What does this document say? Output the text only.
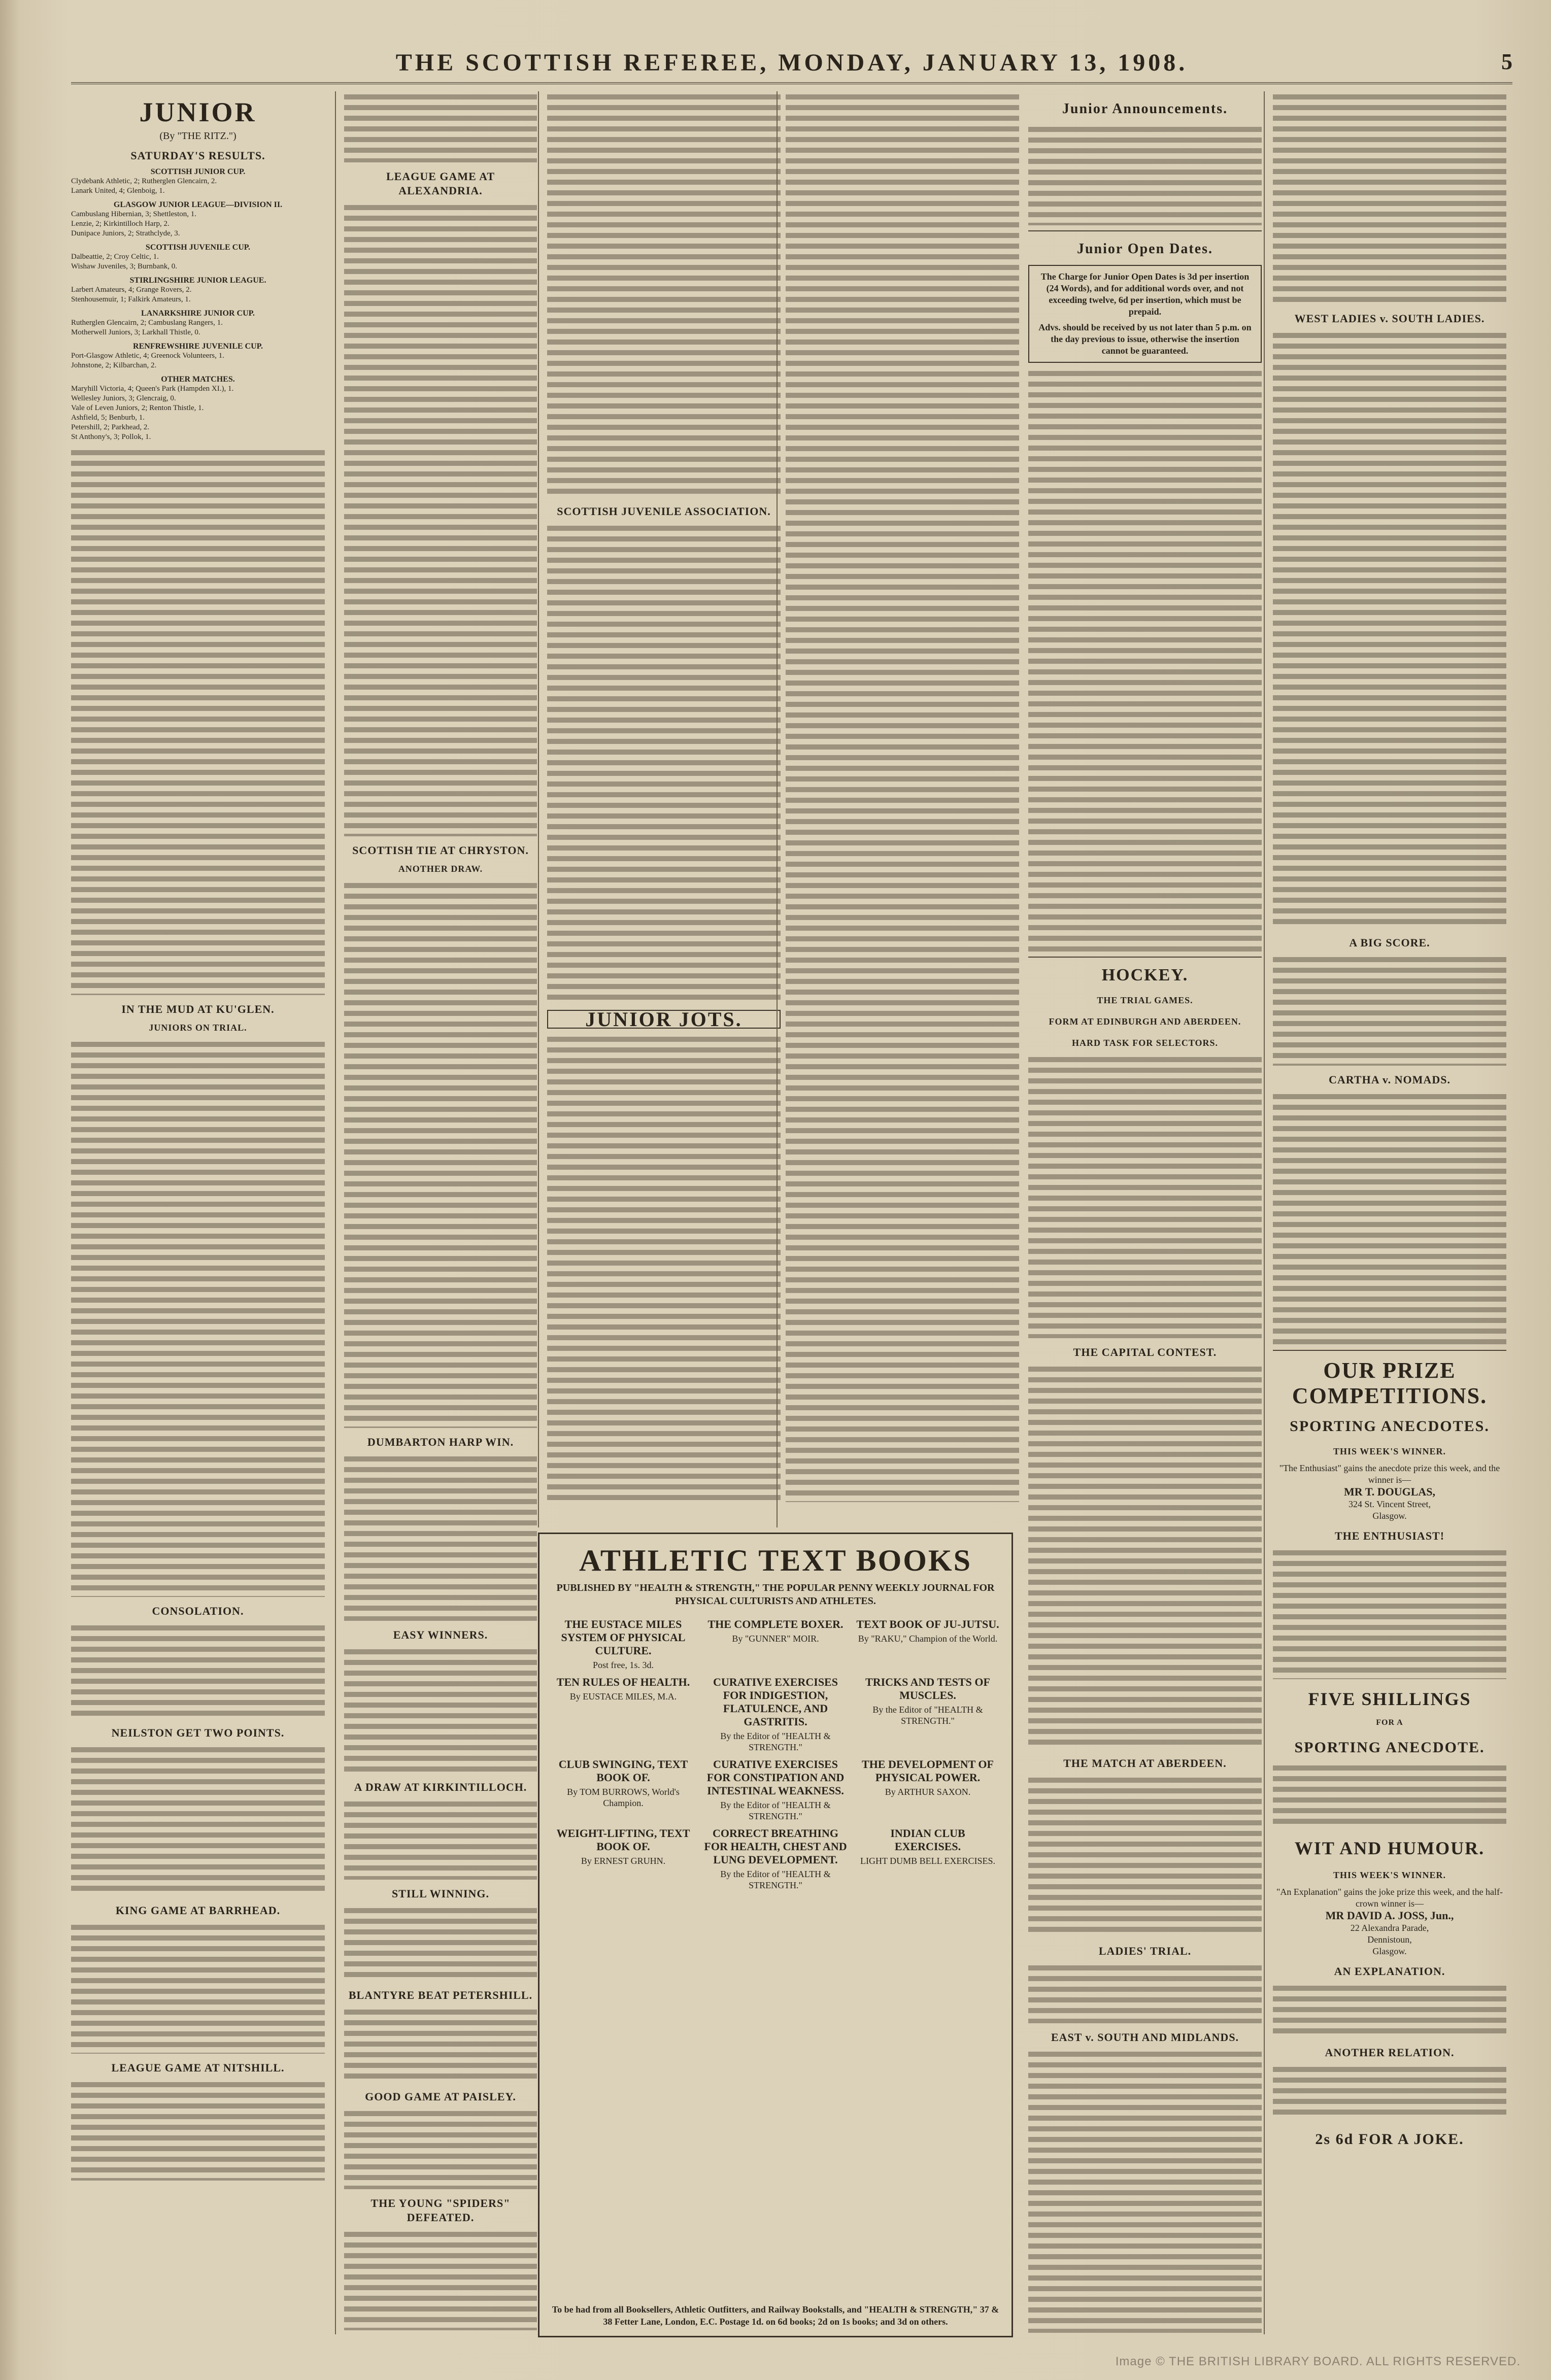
THE SCOTTISH REFEREE, MONDAY, JANUARY 13, 1908.	5
JUNIOR
(By "THE RITZ.")
SATURDAY'S RESULTS.
SCOTTISH JUNIOR CUP.
Clydebank Athletic, 2; Rutherglen Glencairn, 2.
Lanark United, 4; Glenboig, 1.
GLASGOW JUNIOR LEAGUE—DIVISION II.
Cambuslang Hibernian, 3; Shettleston, 1.
Lenzie, 2; Kirkintilloch Harp, 2.
Dunipace Juniors, 2; Strathclyde, 3.
SCOTTISH JUVENILE CUP.
Dalbeattie, 2; Croy Celtic, 1.
Wishaw Juveniles, 3; Burnbank, 0.
STIRLINGSHIRE JUNIOR LEAGUE.
Larbert Amateurs, 4; Grange Rovers, 2.
Stenhousemuir, 1; Falkirk Amateurs, 1.
LANARKSHIRE JUNIOR CUP.
Rutherglen Glencairn, 2; Cambuslang Rangers, 1.
Motherwell Juniors, 3; Larkhall Thistle, 0.
RENFREWSHIRE JUVENILE CUP.
Port-Glasgow Athletic, 4; Greenock Volunteers, 1.
Johnstone, 2; Kilbarchan, 2.
OTHER MATCHES.
Maryhill Victoria, 4; Queen's Park (Hampden XI.), 1.
Wellesley Juniors, 3; Glencraig, 0.
Vale of Leven Juniors, 2; Renton Thistle, 1.
Ashfield, 5; Benburb, 1.
Petershill, 2; Parkhead, 2.
St Anthony's, 3; Pollok, 1.
IN THE MUD AT KU'GLEN.
JUNIORS ON TRIAL.
CONSOLATION.
NEILSTON GET TWO POINTS.
KING GAME AT BARRHEAD.
LEAGUE GAME AT NITSHILL.
LEAGUE GAME AT ALEXANDRIA.
SCOTTISH TIE AT CHRYSTON.
ANOTHER DRAW.
DUMBARTON HARP WIN.
EASY WINNERS.
A DRAW AT KIRKINTILLOCH.
STILL WINNING.
BLANTYRE BEAT PETERSHILL.
GOOD GAME AT PAISLEY.
THE YOUNG "SPIDERS" DEFEATED.
SCOTTISH JUVENILE ASSOCIATION.
JUNIOR JOTS.
ATHLETIC TEXT BOOKS
PUBLISHED BY "HEALTH & STRENGTH," THE POPULAR PENNY WEEKLY JOURNAL FOR PHYSICAL CULTURISTS AND ATHLETES.
THE EUSTACE MILES SYSTEM OF PHYSICAL CULTURE.
Post free, 1s. 3d.
THE COMPLETE BOXER.
By "GUNNER" MOIR.
TEXT BOOK OF JU-JUTSU.
By "RAKU," Champion of the World.
TEN RULES OF HEALTH.
By EUSTACE MILES, M.A.
CURATIVE EXERCISES FOR INDIGESTION, FLATULENCE, AND GASTRITIS.
By the Editor of "HEALTH & STRENGTH."
TRICKS AND TESTS OF MUSCLES.
By the Editor of "HEALTH & STRENGTH."
CLUB SWINGING, TEXT BOOK OF.
By TOM BURROWS, World's Champion.
CURATIVE EXERCISES FOR CONSTIPATION AND INTESTINAL WEAKNESS.
By the Editor of "HEALTH & STRENGTH."
THE DEVELOPMENT OF PHYSICAL POWER.
By ARTHUR SAXON.
WEIGHT-LIFTING, TEXT BOOK OF.
By ERNEST GRUHN.
CORRECT BREATHING FOR HEALTH, CHEST AND LUNG DEVELOPMENT.
By the Editor of "HEALTH & STRENGTH."
INDIAN CLUB EXERCISES.
LIGHT DUMB BELL EXERCISES.
To be had from all Booksellers, Athletic Outfitters, and Railway Bookstalls, and "HEALTH & STRENGTH," 37 & 38 Fetter Lane, London, E.C. Postage 1d. on 6d books; 2d on 1s books; and 3d on others.
Junior Announcements.
Junior Open Dates.
The Charge for Junior Open Dates is 3d per insertion (24 Words), and for additional words over, and not exceeding twelve, 6d per insertion, which must be prepaid.
Advs. should be received by us not later than 5 p.m. on the day previous to issue, otherwise the insertion cannot be guaranteed.
HOCKEY.
THE TRIAL GAMES.
FORM AT EDINBURGH AND ABERDEEN.
HARD TASK FOR SELECTORS.
THE CAPITAL CONTEST.
THE MATCH AT ABERDEEN.
LADIES' TRIAL.
EAST v. SOUTH AND MIDLANDS.
WEST LADIES v. SOUTH LADIES.
A BIG SCORE.
CARTHA v. NOMADS.
OUR PRIZE COMPETITIONS.
SPORTING ANECDOTES.
THIS WEEK'S WINNER.
"The Enthusiast" gains the anecdote prize this week, and the winner is—
MR T. DOUGLAS,
324 St. Vincent Street,
Glasgow.
THE ENTHUSIAST!
FIVE SHILLINGS
FOR A
SPORTING ANECDOTE.
WIT AND HUMOUR.
THIS WEEK'S WINNER.
"An Explanation" gains the joke prize this week, and the half-crown winner is—
MR DAVID A. JOSS, Jun.,
22 Alexandra Parade,
Dennistoun,
Glasgow.
AN EXPLANATION.
ANOTHER RELATION.
2s 6d FOR A JOKE.
Image © THE BRITISH LIBRARY BOARD. ALL RIGHTS RESERVED.
